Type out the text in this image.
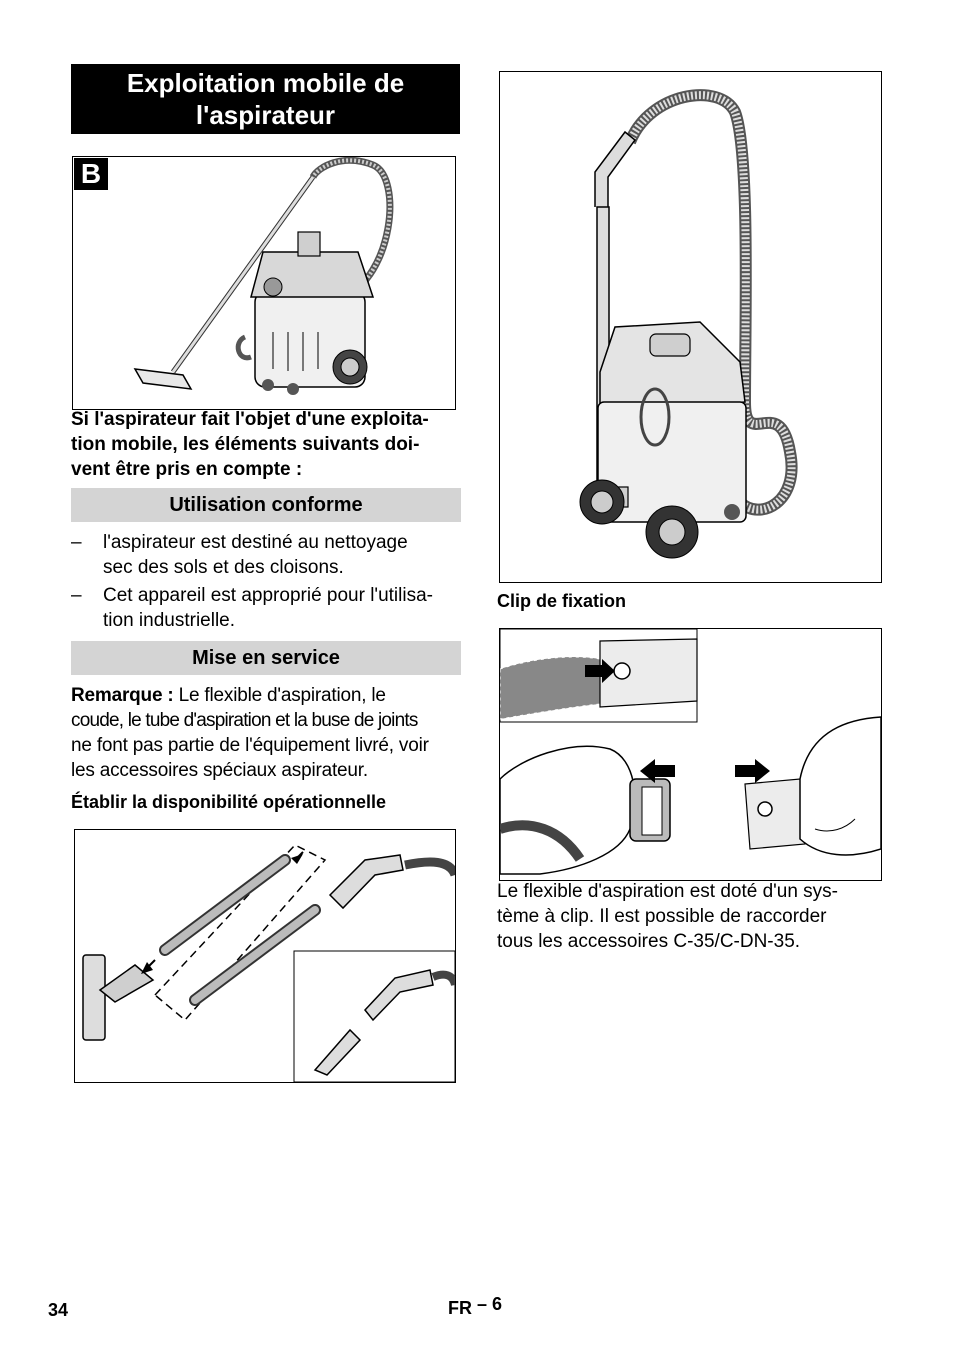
Exploitation mobile de
l'aspirateur
B
Si l'aspirateur fait l'objet d'une exploita-
tion mobile, les éléments suivants doi-
vent être pris en compte :
Utilisation conforme
– l'aspirateur est destiné au nettoyage
sec des sols et des cloisons.
– Cet appareil est approprié pour l'utilisa-
tion industrielle.
Mise en service
Remarque : Le flexible d'aspiration, le
coude, le tube d'aspiration et la buse de joints
ne font pas partie de l'équipement livré, voir
les accessoires spéciaux aspirateur.
Établir la disponibilité opérationnelle
Clip de fixation
Le flexible d'aspiration est doté d'un sys-
tème à clip. Il est possible de raccorder
tous les accessoires C-35/C-DN-35.
34	FR – 6
